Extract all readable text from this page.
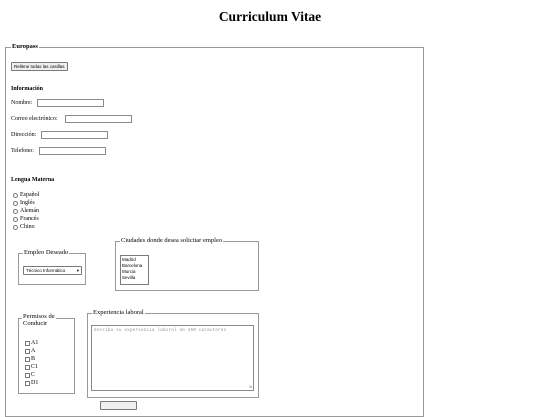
Curriculum Vitae
Europass
Rellene todas las casillas
Información
Nombre:
Correo electrónico:
Dirección:
Telefono:
Lengua Materna
Español
Inglés
Alemán
Francés
Chino
Empleo Deseado
Técnico Informático	▾
Ciudades donde desea solicitar empleo
Madrid
Barcelona
Murcia
Sevilla
Permisos de
Conducir
A1
A
B
C1
C
D1
Experiencia laboral
Escriba su experiencia laboral de 450 caracteres
⇲
